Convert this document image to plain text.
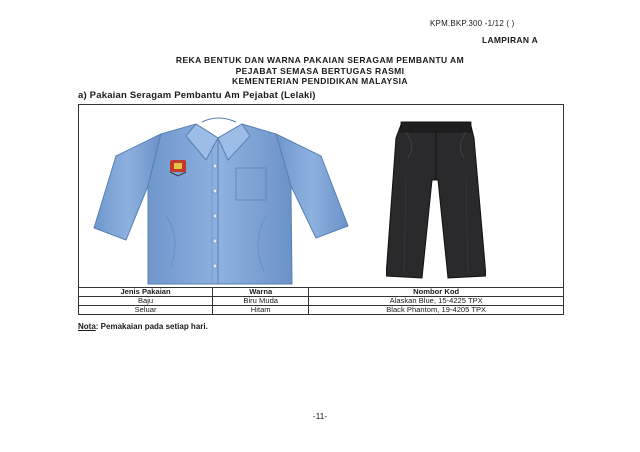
KPM.BKP.300 -1/12 ( )
LAMPIRAN A
REKA BENTUK DAN WARNA PAKAIAN SERAGAM PEMBANTU AM
PEJABAT SEMASA BERTUGAS RASMI
KEMENTERIAN PENDIDIKAN MALAYSIA
a) Pakaian Seragam Pembantu Am Pejabat (Lelaki)
Jenis Pakaian	Warna	Nombor Kod
Baju	Biru Muda	Alaskan Blue, 15-4225 TPX
Seluar	Hitam	Black Phantom, 19-4205 TPX
Nota: Pemakaian pada setiap hari.
-11-
